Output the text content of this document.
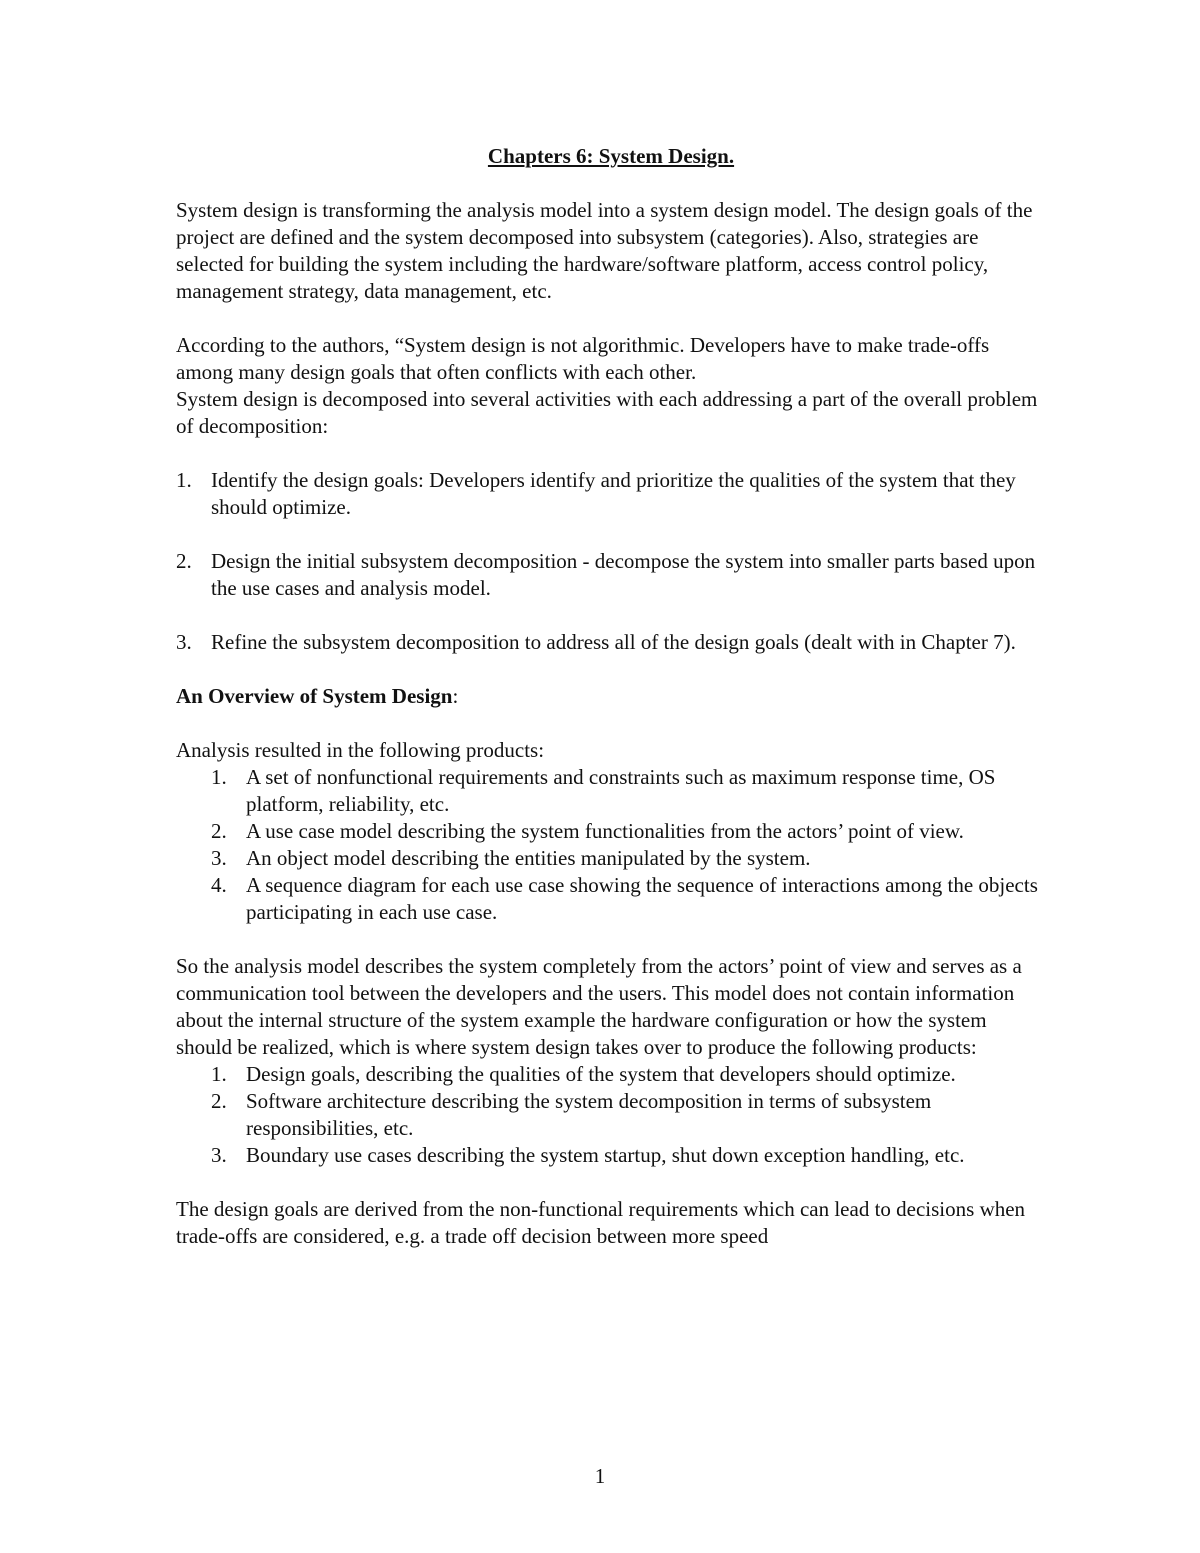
Chapters 6: System Design.

System design is transforming the analysis model into a system design model. The design goals of the project are defined and the system decomposed into subsystem (categories). Also, strategies are selected for building the system including the hardware/software platform, access control policy, management strategy, data management, etc.

According to the authors, “System design is not algorithmic. Developers have to make trade-offs among many design goals that often conflicts with each other.

System design is decomposed into several activities with each addressing a part of the overall problem of decomposition:

1. Identify the design goals: Developers identify and prioritize the qualities of the system that they should optimize.
2. Design the initial subsystem decomposition - decompose the system into smaller parts based upon the use cases and analysis model.
3. Refine the subsystem decomposition to address all of the design goals (dealt with in Chapter 7).

An Overview of System Design:

Analysis resulted in the following products:

1. A set of nonfunctional requirements and constraints such as maximum response time, OS platform, reliability, etc.
2. A use case model describing the system functionalities from the actors’ point of view.
3. An object model describing the entities manipulated by the system.
4. A sequence diagram for each use case showing the sequence of interactions among the objects participating in each use case.

So the analysis model describes the system completely from the actors’ point of view and serves as a communication tool between the developers and the users. This model does not contain information about the internal structure of the system example the hardware configuration or how the system should be realized, which is where system design takes over to produce the following products:

1. Design goals, describing the qualities of the system that developers should optimize.
2. Software architecture describing the system decomposition in terms of subsystem responsibilities, etc.
3. Boundary use cases describing the system startup, shut down exception handling, etc.

The design goals are derived from the non-functional requirements which can lead to decisions when trade-offs are considered, e.g. a trade off decision between more speed

1
